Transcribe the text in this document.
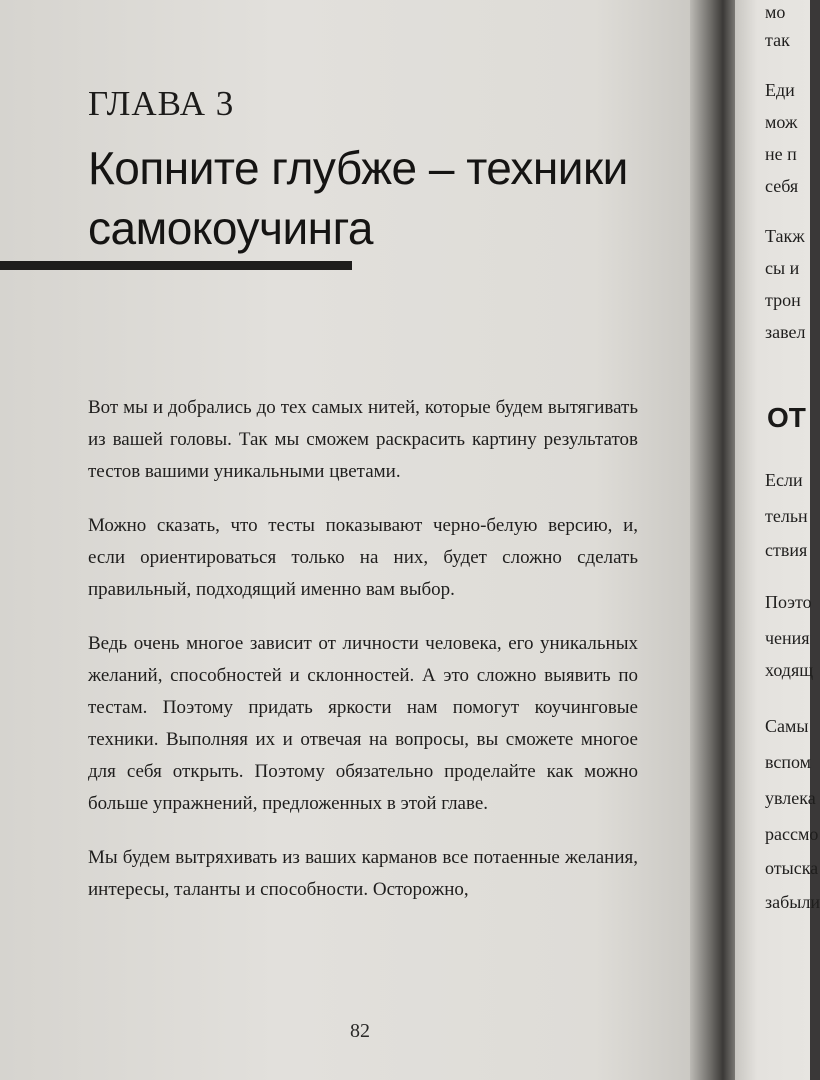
ГЛАВА 3
Копните глубже – техники
самокоучинга

Вот мы и добрались до тех самых нитей, которые будем вытягивать из вашей головы. Так мы сможем раскрасить картину результатов тестов вашими уникальными цветами.

Можно сказать, что тесты показывают черно-белую версию, и, если ориентироваться только на них, будет сложно сделать правильный, подходящий именно вам выбор.

Ведь очень многое зависит от личности человека, его уникальных желаний, способностей и склонностей. А это сложно выявить по тестам. Поэтому придать яркости нам помогут коучинговые техники. Выполняя их и отвечая на вопросы, вы сможете многое для себя открыть. Поэтому обязательно проделайте как можно больше упражнений, предложенных в этой главе.

Мы будем вытряхивать из ваших карманов все потаенные желания, интересы, таланты и способности. Осторожно,

82
мо
так
Еди
мож
не п
себя
Такж
сы и
трон
завел
ОТ
Если
тельн
ствия
Поэто
чения
ходящ
Самы
вспом
увлека
рассмо
отыска
забыли
